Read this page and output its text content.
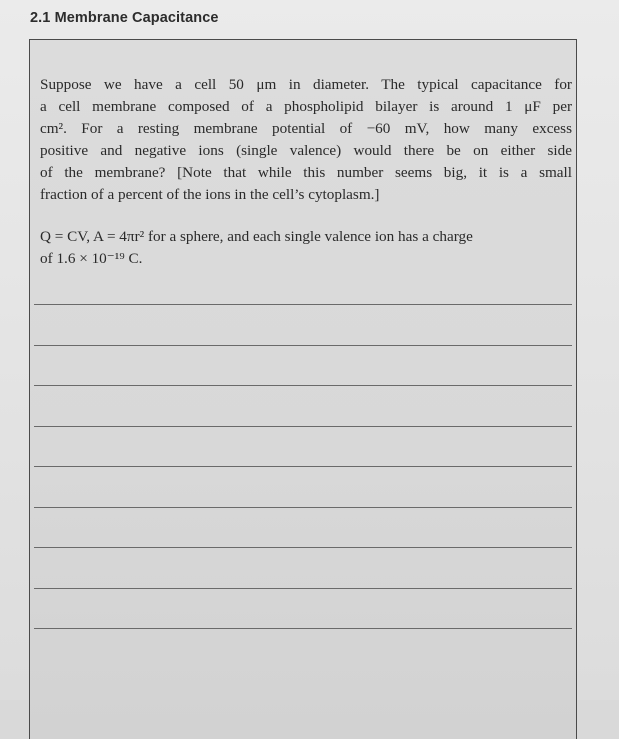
2.1 Membrane Capacitance
Suppose we have a cell 50 μm in diameter. The typical capacitance for
a cell membrane composed of a phospholipid bilayer is around 1 μF per
cm². For a resting membrane potential of −60 mV, how many excess
positive and negative ions (single valence) would there be on either side
of the membrane? [Note that while this number seems big, it is a small
fraction of a percent of the ions in the cell’s cytoplasm.]
Q = CV, A = 4πr² for a sphere, and each single valence ion has a charge
of 1.6 × 10⁻¹⁹ C.
